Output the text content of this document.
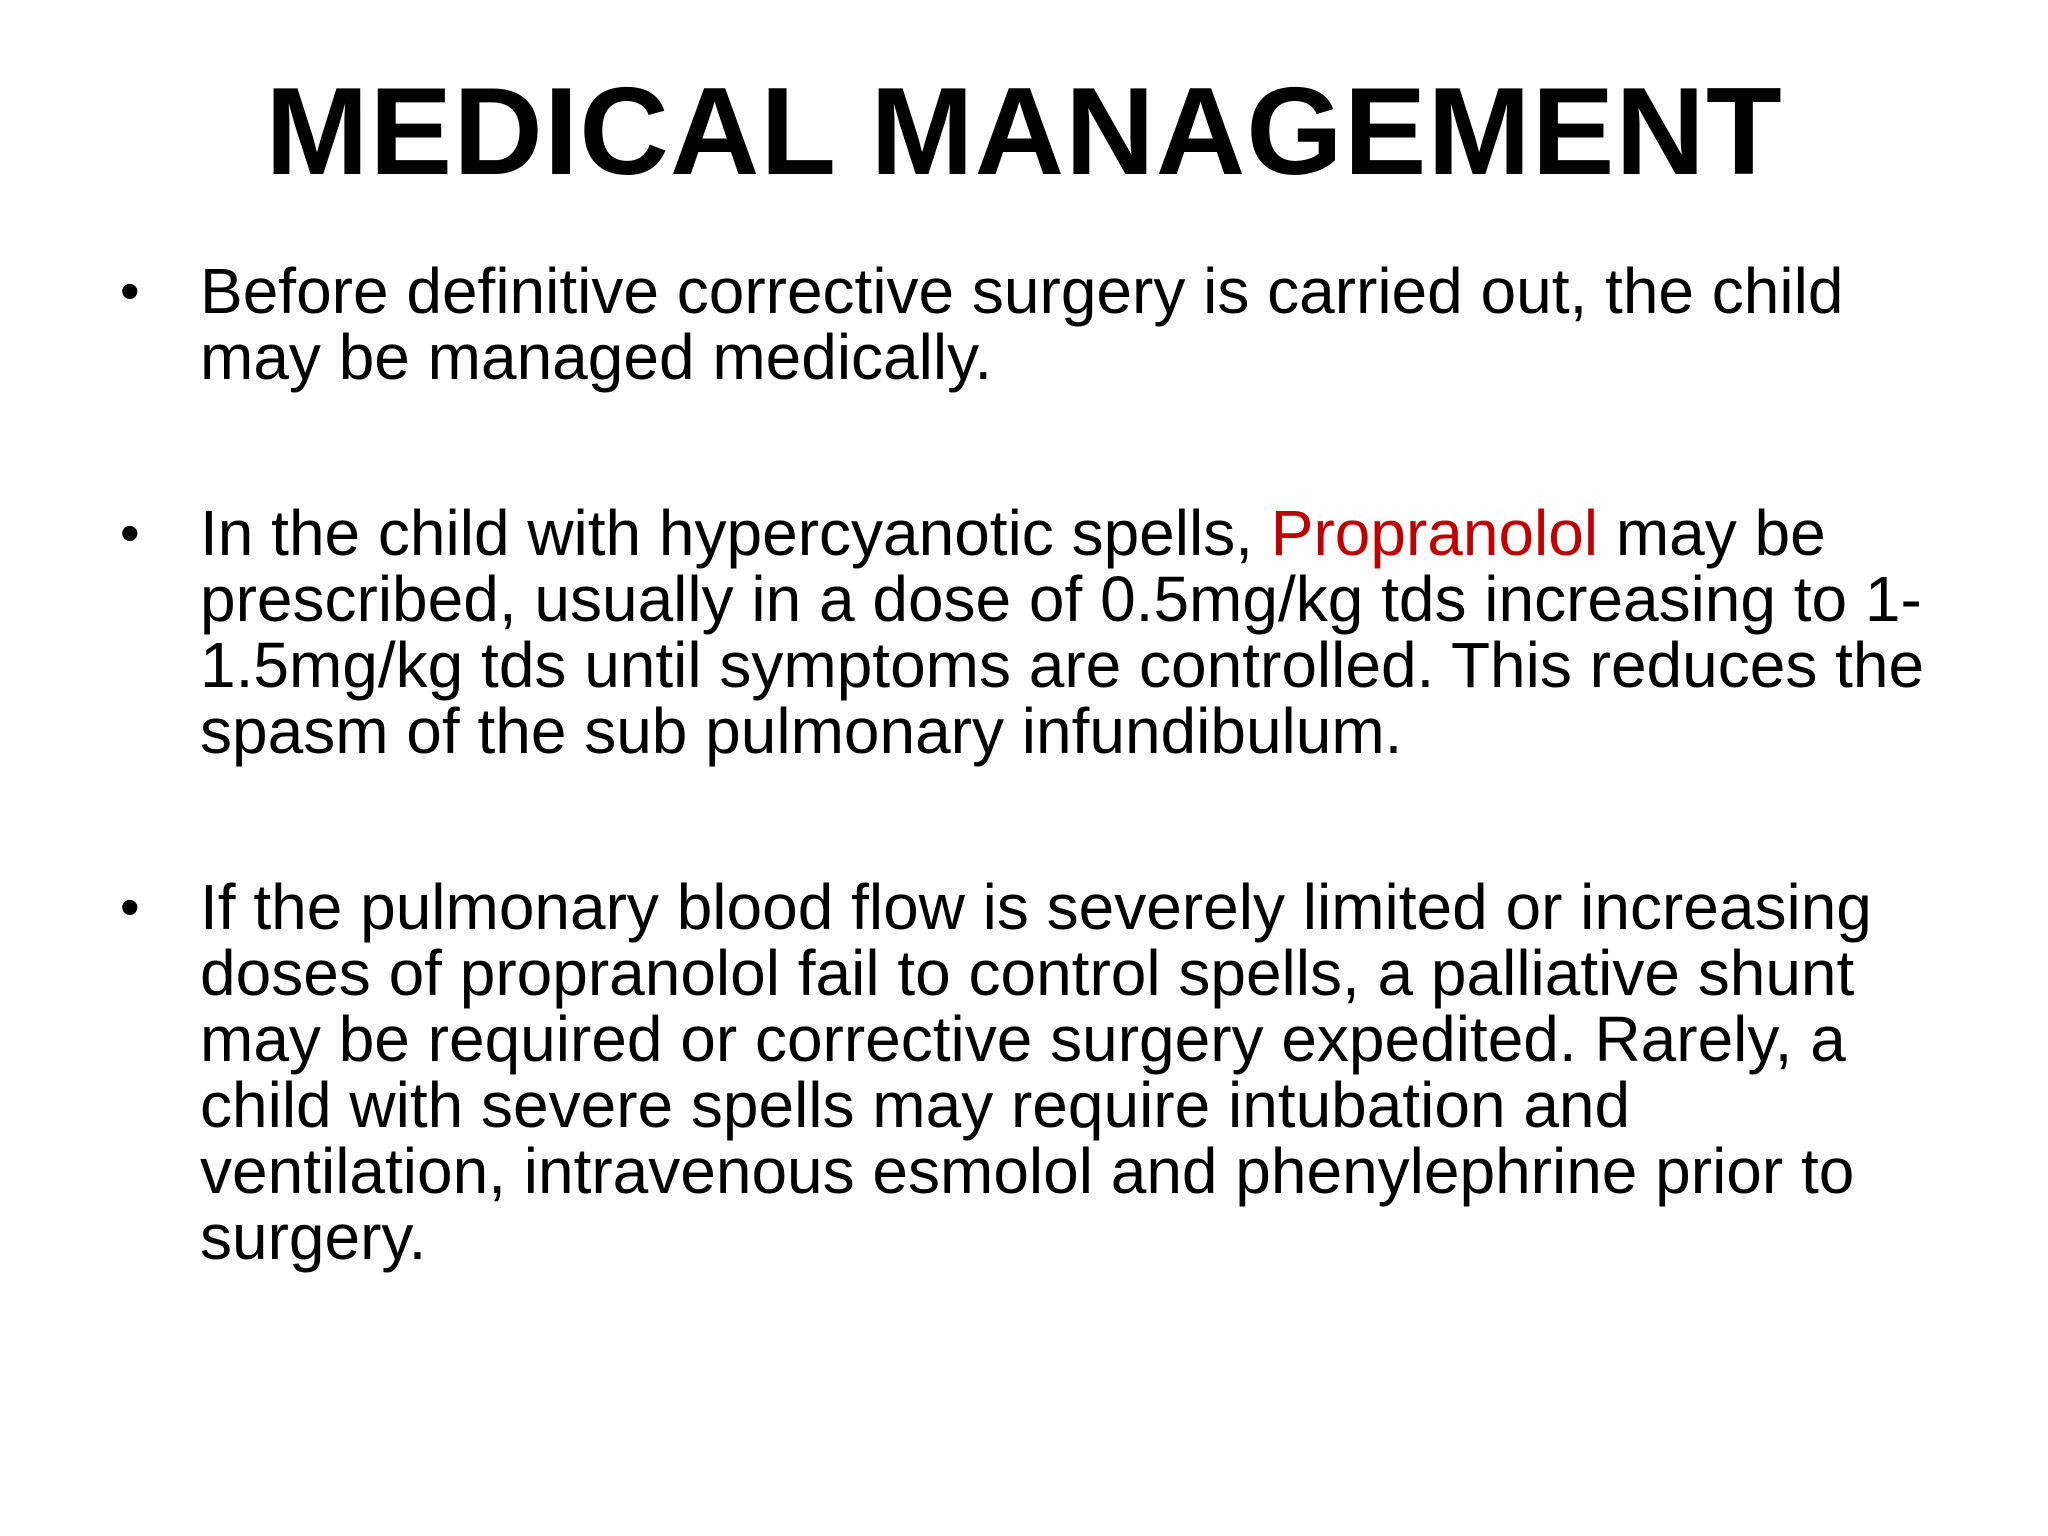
MEDICAL MANAGEMENT
• Before definitive corrective surgery is carried out, the child may be managed medically.
• In the child with hypercyanotic spells, Propranolol may be prescribed, usually in a dose of 0.5mg/kg tds increasing to 1-1.5mg/kg tds until symptoms are controlled. This reduces the spasm of the sub pulmonary infundibulum.
• If the pulmonary blood flow is severely limited or increasing doses of propranolol fail to control spells, a palliative shunt may be required or corrective surgery expedited. Rarely, a child with severe spells may require intubation and ventilation, intravenous esmolol and phenylephrine prior to surgery.
